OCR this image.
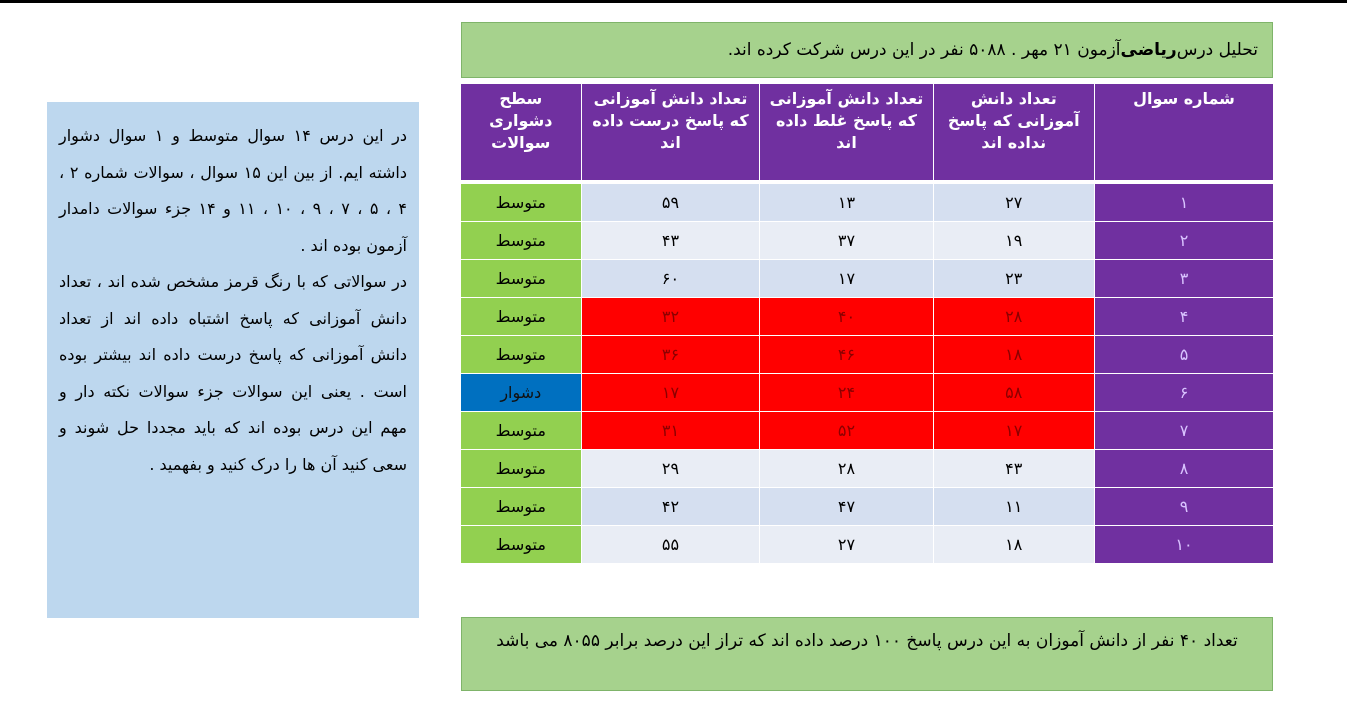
تحلیل درس
ریاضی
آزمون ۲۱ مهر . ۵۰۸۸ نفر در این درس شرکت کرده اند.
شماره سوال	تعداد دانش آموزانی که پاسخ نداده اند	تعداد دانش آموزانی که پاسخ غلط داده اند	تعداد دانش آموزانی که پاسخ درست داده اند	سطح دشواری سوالات
۱	۲۷	۱۳	۵۹	متوسط
۲	۱۹	۳۷	۴۳	متوسط
۳	۲۳	۱۷	۶۰	متوسط
۴	۲۸	۴۰	۳۲	متوسط
۵	۱۸	۴۶	۳۶	متوسط
۶	۵۸	۲۴	۱۷	دشوار
۷	۱۷	۵۲	۳۱	متوسط
۸	۴۳	۲۸	۲۹	متوسط
۹	۱۱	۴۷	۴۲	متوسط
۱۰	۱۸	۲۷	۵۵	متوسط

در این درس ۱۴ سوال متوسط و ۱ سوال دشوار داشته ایم. از بین این ۱۵ سوال ، سوالات شماره ۲ ، ۴ ، ۵ ، ۷ ، ۹ ، ۱۰ ، ۱۱ و ۱۴ جزء سوالات دامدار آزمون بوده اند .

در سوالاتی که با رنگ قرمز مشخص شده اند ، تعداد دانش آموزانی که پاسخ اشتباه داده اند از تعداد دانش آموزانی که پاسخ درست داده اند بیشتر بوده است . یعنی این سوالات جزء سوالات نکته دار و مهم این درس بوده اند که باید مجددا حل شوند و سعی کنید آن ها را درک کنید و بفهمید .

تعداد ۴۰ نفر از دانش آموزان به این درس پاسخ ۱۰۰ درصد داده اند که تراز این درصد برابر ۸۰۵۵ می باشد
